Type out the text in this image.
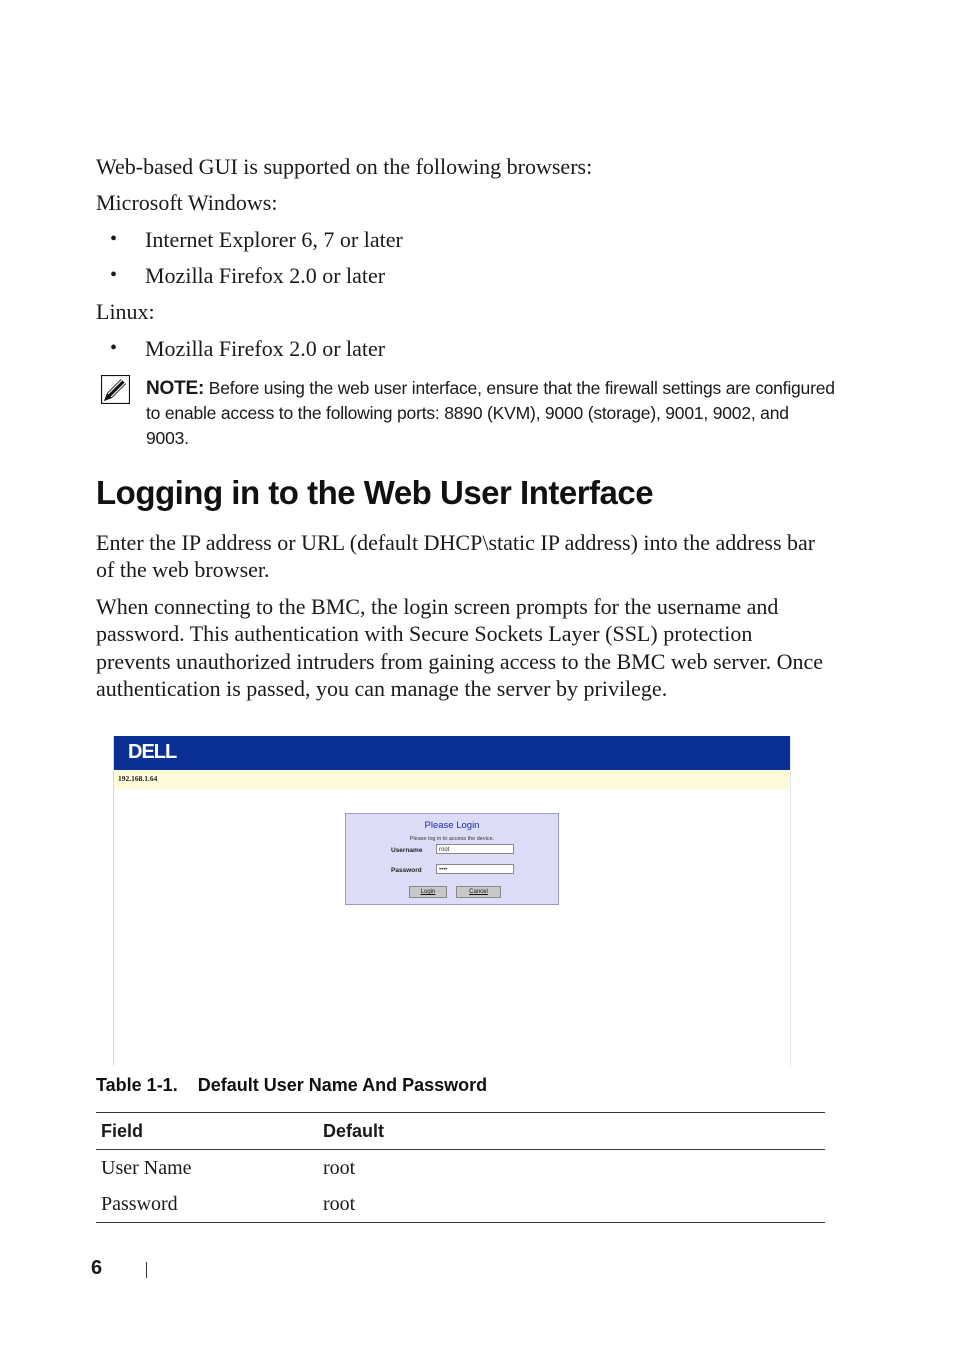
Web-based GUI is supported on the following browsers:
Microsoft Windows:
• Internet Explorer 6, 7 or later
• Mozilla Firefox 2.0 or later
Linux:
• Mozilla Firefox 2.0 or later
NOTE: Before using the web user interface, ensure that the firewall settings are configured to enable access to the following ports: 8890 (KVM), 9000 (storage), 9001, 9002, and 9003.
Logging in to the Web User Interface
Enter the IP address or URL (default DHCP\static IP address) into the address bar of the web browser.
When connecting to the BMC, the login screen prompts for the username and password. This authentication with Secure Sockets Layer (SSL) protection prevents unauthorized intruders from gaining access to the BMC web server. Once authentication is passed, you can manage the server by privilege.
DELL
192.168.1.64
Please Login
Please log in to access the device.
Username	root
Password	••••
Login	Cancel
Table 1-1. Default User Name And Password
Field	Default
User Name	root
Password	root
6
